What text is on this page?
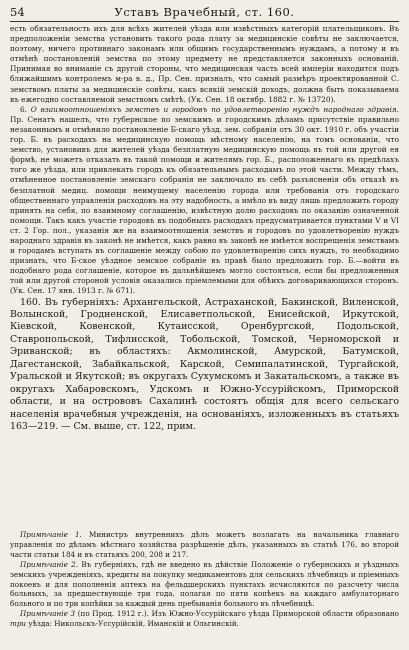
54	Уставъ Врачебный, ст. 160.

есть обязательность ихъ для всѣхъ жителей уѣзда или извѣстныхъ категорій плательщиковъ. Въ предположеніи земства установить такого рода плату за медицинскіе совѣты не заключается, поэтому, ничего противнаго законамъ или общимъ государственнымъ нуждамъ, а потому и въ отмѣнѣ постановленій земства по этому предмету не представляется законныхъ основаній. Принимая во вниманіе съ другой стороны, что медицинская часть всей имперіи находится подъ ближайшимъ контролемъ м-ра в. д., Пр. Сен. призналъ, что самый размѣръ проектированной С. земствомъ платы за медицинскіе совѣты, какъ всякій земскій доходъ, должна быть показываема въ ежегодно составляемой земствомъ смѣтѣ. (Ук. Сен. 18 октябр. 1882 г. № 13720).

6. О взаимоотношеніяхъ земствъ и городовъ по удовлетворенію нуждъ народнаго здравія. Пр. Сенатъ нашелъ, что губернское по земскимъ и городскимъ дѣламъ присутствіе правильно незаконнымъ и отмѣнило постановленіе Б-скаго уѣзд. зем. собранія отъ 30 окт. 1910 г. объ участіи гор. Б. въ расходахъ на медицинскую помощь мѣстному населенію, на томъ основаніи, что земство, установивъ для жителей уѣзда безплатную медицинскую помощь въ той или другой ея формѣ, не можетъ отказать въ такой помощи и жителямъ гор. Б., расположеннаго въ предѣлахъ того же уѣзда, или привлекать городъ къ обязательнымъ расходамъ по этой части. Между тѣмъ, отмѣненное постановленіе земскаго собранія не заключало въ себѣ разъясненія объ отказѣ въ безплатной медиц. помощи неимущему населенію города или требованія отъ городскаго общественнаго управленія расходовъ на эту надобность, а имѣло въ виду лишь предложить городу принять на себя, по взаимному соглашенію, извѣстную долю расходовъ по оказанію означенной помощи. Такъ какъ участіе городовъ въ подобныхъ расходахъ предусматривается пунктами V и VI ст. 2 Гор. пол., указанія же на взаимоотношенія земствъ и городовъ по удовлетворенію нуждъ народнаго здравія въ законѣ не имѣется, какъ равно въ законѣ не имѣется воспрещенія земствамъ и городамъ вступать въ соглашеніе между собою по удовлетворенію сихъ нуждъ, то необходимо признать, что Б-ское уѣздное земское собраніе въ правѣ было предложить гор. Б.—войти въ подобнаго рода соглашеніе, которое въ дальнѣйшемъ могло состояться, если бы предложенныя той или другой стороной условія оказались пріемлемыми для обѣихъ договаривающихся сторонъ. (Ук. Сен. 17 янв. 1913 г. № 671).

160. Въ губерніяхъ: Архангельской, Астраханской, Бакинской, Виленской, Волынской, Гродненской, Елисаветпольской, Енисейской, Иркутской, Кіевской, Ковенской, Кутаисской, Оренбургской, Подольской, Ставропольской, Тифлисской, Тобольской, Томской, Черноморской и Эриванской; въ областяхъ: Акмолинской, Амурской, Батумской, Дагестанской, Забайкальской, Карской, Семипалатинской, Тургайской, Уральской и Якутской; въ округахъ Сухумскомъ и Закатальскомъ, а также въ округахъ Хабаровскомъ, Удскомъ и Южно-Уссурійскомъ, Приморской области, и на острововъ Сахалинѣ состоятъ общія для всего сельскаго населенія врачебныя учрежденія, на основаніяхъ, изложенныхъ въ статьяхъ 163—219. — См. выше, ст. 122, прим.

Примѣчаніе 1. Министръ внутреннихъ дѣлъ можетъ возлагать на начальника главнаго управленія по дѣламъ мѣстнаго хозяйства разрѣшеніе дѣлъ, указанныхъ въ статьѣ 176, во второй части статьи 184 и въ статьяхъ 200, 208 и 217.

Примѣчаніе 2. Въ губерніяхъ, гдѣ не введено въ дѣйствіе Положеніе о губернскихъ и уѣздныхъ земскихъ учрежденіяхъ, кредиты на покупку медикаментовъ для сельскихъ лѣчебницъ и пріемныхъ покоевъ и для пополненія аптекъ на фельдшерскихъ пунктахъ исчисляются по разсчету числа больныхъ, за предшествующіе три года, полагая по пяти копѣекъ на каждаго амбулаторнаго больного и по три копѣйки за каждый день пребыванія больного въ лѣчебницѣ.

Примѣчаніе 3 (по Прод. 1912 г.). Изъ Южно-Уссурійскаго уѣзда Приморской области образовано три уѣзда: Никольскъ-Уссурійскій, Иманскій и Ольгинскій.
